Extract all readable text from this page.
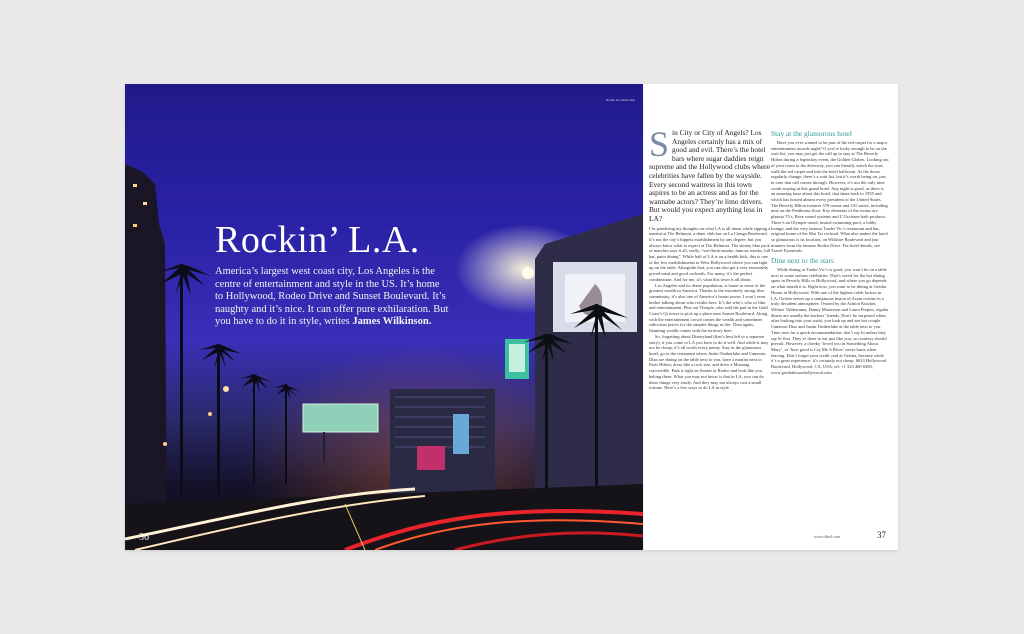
36
Rockin’ L.A.

America’s largest west coast city, Los Angeles is the centre of entertainment and style in the US. It’s home to Hollywood, Rodeo Drive and Sunset Boulevard. It’s naughty and it’s nice. It can offer pure exhilaration. But you have to do it in style, writes James Wilkinson.

Rockin' the Sunset Strip
S in City or City of Angels? Los Angeles certainly has a mix of good and evil. There’s the hotel bars where sugar daddies reign supreme and the Hollywood clubs where celebrities have fallen by the wayside. Every second waitress in this town aspires to be an actress and as for the wannabe actors? They’re limo drivers. But would you expect anything less in LA?

I’m pondering my thoughts on what LA is all about while sipping a martini at The Belmont, a diner club bar on La Cienga Boulevard. It’s not the city’s hippest establishment by any degree, but you always know what to expect at The Belmont. The skinny blue pack of matches says it all, really, “see-drink-smoke, famous snacks, full bar, patio dining”. While half of LA is on a health kick, this is one of the few establishments in West Hollywood where you can light up on the table. Alongside that, you can also get a very reasonably priced meal and good cocktails. For many, it’s the perfect combination. And for me, it’s what this town is all about.

Los Angeles and its dense population, is home to some of the greatest wealth in America. Thanks to the extremely strong film community, it’s also one of America’s boom towns. I won’t even bother talking about who resides here. It’s the who’s who of film and entertainment. Plus our Thespie, who sold his pad in the Gold Coast’s Qi tower to pick up a place near Sunset Boulevard. Along with the entertainment crowd comes the wealth and sometimes ridiculous prices for the simpler things in life. Then again, flaunting wealth comes with the territory here.

So, forgetting about Disneyland (that’s best left to a separate story), if you come to LA you have to do it well. And while it may not be cheap, it’s all worth every penny. Stay in the glamorous hotel, go to the restaurant where Justin Timberlake and Cameron Diaz are dining on the table next to you, have a martini next to Paris Hilton; dress like a rock star; and drive a Mustang convertible. Park it right on Sunset or Rodeo and look like you belong there. What you may not know is that in LA, you can do these things very easily. And they may not always cost a small fortune. Here’s a few ways to do LA in style.

Stay at the glamorous hotel

Have you ever wanted to be part of the red carpet for a major entertainment awards night? If you’re lucky enough to be on the wait list, you may just get the call up to stay at The Beverly Hilton during a legendary event, the Golden Globes. Looking out of your room to the driveway, you can literally watch the stars walk the red carpet and into the hotel ballroom. As the doors regularly change, there’s a wait list, but it’s worth being on, just in case that call comes through. However, it’s not the only time worth staying at this grand hotel. Any night is good, as there is an amazing buzz about this hotel, that dates back to 1955 and which has hosted almost every president of the United States. The Beverly Hilton features 570 rooms and 101 suites, including nine on the Penthouse floor. Key elements of the rooms are plasma TVs, Bose sound systems and L’Occitane bath products. There’s an Olympic-sized, heated swimming pool; a lobby lounge; and the very famous Trader Vic’s restaurant and bar, original home of the Mai Tai cocktail. What also makes the hotel so glamorous is its location, on Wilshire Boulevard and just minutes from the famous Rodeo Drive. For hotel details, see Travel Essentials.

Dine next to the stars

While dining at Trader Vic’s is good, you won’t be on a table next to some serious celebrities. That’s saved for the hot dining spots in Beverly Hills or Hollywood, and where you go depends on what month it is. Right now, you want to be dining at Geisha House in Hollywood. With one of the highest celeb factors in LA, Geisha serves up a sumptuous fusion of Asian cuisine in a truly decadent atmosphere. Owned by the Ashton Kutcher, Wilmer Valderrama, Danny Masterson and Laura Prepon, regular diners are usually the backers’ friends. Don’t be surprised when, after looking into your sushi, you look up and see hot couple Cameron Diaz and Justin Timberlake at the table next to you. Time now for a quick recommendation: don’t say hi unless they say hi first. They’re there to eat just like you, so courtesy should prevail. However, a cheeky ‘loved you in Something About Mary’, or ‘how good is Cry Me A River’ never hurts when leaving. Don’t forget your credit card at Geisha, because while it’s a great experience, it’s certainly not cheap. 6633 Hollywood Boulevard, Hollywood, CA, USA, tel: +1 323 460 6300, www.geishahousehollywood.com

www.fdtrvl.com	37
